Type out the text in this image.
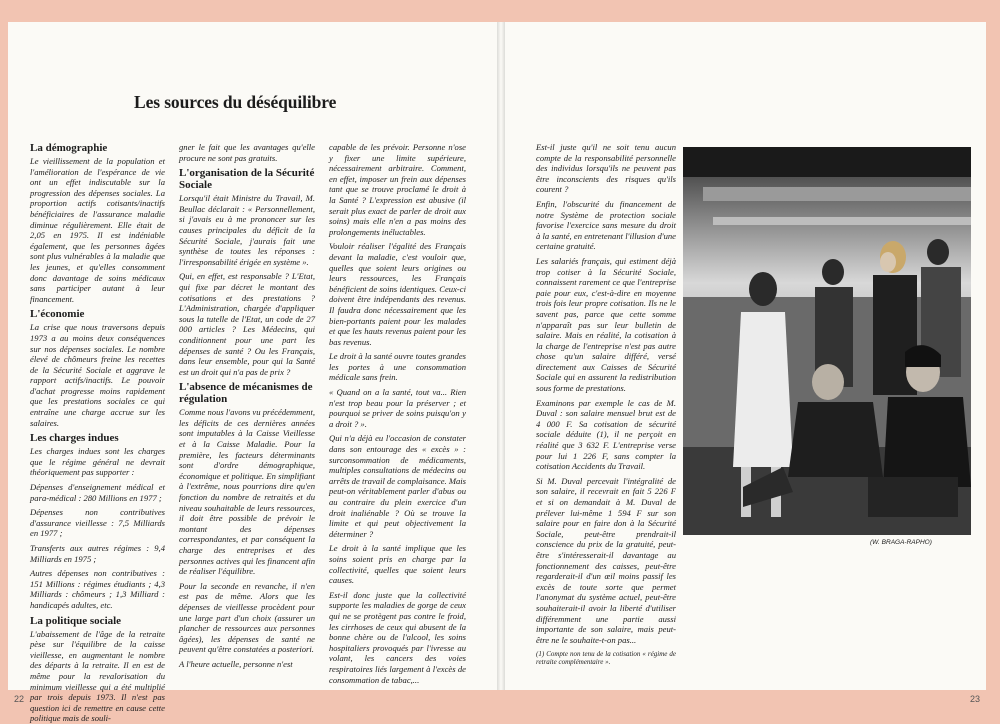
Les sources du déséquilibre
La démographie

Le vieillissement de la population et l'amélioration de l'espérance de vie ont un effet indiscutable sur la progression des dépenses sociales. La proportion actifs cotisants/inactifs bénéficiaires de l'assurance maladie diminue régulièrement. Elle était de 2,05 en 1975. Il est indéniable également, que les personnes âgées sont plus vulnérables à la maladie que les jeunes, et qu'elles consomment donc davantage de soins médicaux sans participer autant à leur financement.

L'économie

La crise que nous traversons depuis 1973 a au moins deux conséquences sur nos dépenses sociales. Le nombre élevé de chômeurs freine les recettes de la Sécurité Sociale et aggrave le rapport actifs/inactifs. Le pouvoir d'achat progresse moins rapidement que les prestations sociales ce qui entraîne une charge accrue sur les salaires.

Les charges indues

Les charges indues sont les charges que le régime général ne devrait théoriquement pas supporter :

Dépenses d'enseignement médical et para-médical : 280 Millions en 1977 ;

Dépenses non contributives d'assurance vieillesse : 7,5 Milliards en 1977 ;

Transferts aux autres régimes : 9,4 Milliards en 1975 ;

Autres dépenses non contributives : 151 Millions : régimes étudiants ; 4,3 Milliards : chômeurs ; 1,3 Milliard : handicapés adultes, etc.

La politique sociale

L'abaissement de l'âge de la retraite pèse sur l'équilibre de la caisse vieillesse, en augmentant le nombre des départs à la retraite. Il en est de même pour la revalorisation du minimum vieillesse qui a été multiplié par trois depuis 1973. Il n'est pas question ici de remettre en cause cette politique mais de souli-

gner le fait que les avantages qu'elle procure ne sont pas gratuits.

L'organisation de la Sécurité Sociale

Lorsqu'il était Ministre du Travail, M. Beullac déclarait : « Personnellement, si j'avais eu à me prononcer sur les causes principales du déficit de la Sécurité Sociale, j'aurais fait une synthèse de toutes les réponses : l'irresponsabilité érigée en système ».

Qui, en effet, est responsable ? L'Etat, qui fixe par décret le montant des cotisations et des prestations ? L'Administration, chargée d'appliquer sous la tutelle de l'Etat, un code de 27 000 articles ? Les Médecins, qui conditionnent pour une part les dépenses de santé ? Ou les Français, dans leur ensemble, pour qui la Santé est un droit qui n'a pas de prix ?

L'absence de mécanismes de régulation

Comme nous l'avons vu précédemment, les déficits de ces dernières années sont imputables à la Caisse Vieillesse et à la Caisse Maladie. Pour la première, les facteurs déterminants sont d'ordre démographique, économique et politique. En simplifiant à l'extrême, nous pourrions dire qu'en fonction du nombre de retraités et du niveau souhaitable de leurs ressources, il doit être possible de prévoir le montant des dépenses correspondantes, et par conséquent la charge des entreprises et des personnes actives qui les financent afin de réaliser l'équilibre.

Pour la seconde en revanche, il n'en est pas de même. Alors que les dépenses de vieillesse procèdent pour une large part d'un choix (assurer un plancher de ressources aux personnes âgées), les dépenses de santé ne peuvent qu'être constatées a posteriori.

A l'heure actuelle, personne n'est

capable de les prévoir. Personne n'ose y fixer une limite supérieure, nécessairement arbitraire. Comment, en effet, imposer un frein aux dépenses tant que se trouve proclamé le droit à la Santé ? L'expression est abusive (il serait plus exact de parler de droit aux soins) mais elle n'en a pas moins des prolongements inéluctables.

Vouloir réaliser l'égalité des Français devant la maladie, c'est vouloir que, quelles que soient leurs origines ou leurs ressources, les Français bénéficient de soins identiques. Ceux-ci doivent être indépendants des revenus. Il faudra donc nécessairement que les bien-portants paient pour les malades et que les hauts revenus paient pour les bas revenus.

Le droit à la santé ouvre toutes grandes les portes à une consommation médicale sans frein.

« Quand on a la santé, tout va... Rien n'est trop beau pour la préserver ; et pourquoi se priver de soins puisqu'on y a droit ? ».

Qui n'a déjà eu l'occasion de constater dans son entourage des « excès » : surconsommation de médicaments, multiples consultations de médecins ou arrêts de travail de complaisance. Mais peut-on véritablement parler d'abus ou au contraire du plein exercice d'un droit inaliénable ? Où se trouve la limite et qui peut objectivement la déterminer ?

Le droit à la santé implique que les soins soient pris en charge par la collectivité, quelles que soient leurs causes.

Est-il donc juste que la collectivité supporte les maladies de gorge de ceux qui ne se protègent pas contre le froid, les cirrhoses de ceux qui abusent de la bonne chère ou de l'alcool, les soins hospitaliers provoqués par l'ivresse au volant, les cancers des voies respiratoires liés largement à l'excès de consommation de tabac,...

Est-il juste qu'il ne soit tenu aucun compte de la responsabilité personnelle des individus lorsqu'ils ne peuvent pas être inconscients des risques qu'ils courent ?

Enfin, l'obscurité du financement de notre Système de protection sociale favorise l'exercice sans mesure du droit à la santé, en entretenant l'illusion d'une certaine gratuité.

Les salariés français, qui estiment déjà trop cotiser à la Sécurité Sociale, connaissent rarement ce que l'entreprise paie pour eux, c'est-à-dire en moyenne trois fois leur propre cotisation. Ils ne le savent pas, parce que cette somme n'apparaît pas sur leur bulletin de salaire. Mais en réalité, la cotisation à la charge de l'entreprise n'est pas autre chose qu'un salaire différé, versé directement aux Caisses de Sécurité Sociale qui en assurent la redistribution sous forme de prestations.

Examinons par exemple le cas de M. Duval : son salaire mensuel brut est de 4 000 F. Sa cotisation de sécurité sociale déduite (1), il ne perçoit en réalité que 3 632 F. L'entreprise verse pour lui 1 226 F, sans compter la cotisation Accidents du Travail.

Si M. Duval percevait l'intégralité de son salaire, il recevrait en fait 5 226 F et si on demandait à M. Duval de prélever lui-même 1 594 F sur son salaire pour en faire don à la Sécurité Sociale, peut-être prendrait-il conscience du prix de la gratuité, peut-être s'intéresserait-il davantage au fonctionnement des caisses, peut-être regarderait-il d'un œil moins passif les excès de toute sorte que permet l'anonymat du système actuel, peut-être souhaiterait-il avoir la liberté d'utiliser différemment une partie aussi importante de son salaire, mais peut-être ne le souhaite-t-on pas...

(1) Compte non tenu de la cotisation « régime de retraite complémentaire ».
(W. BRAGA-RAPHO)
22	23
